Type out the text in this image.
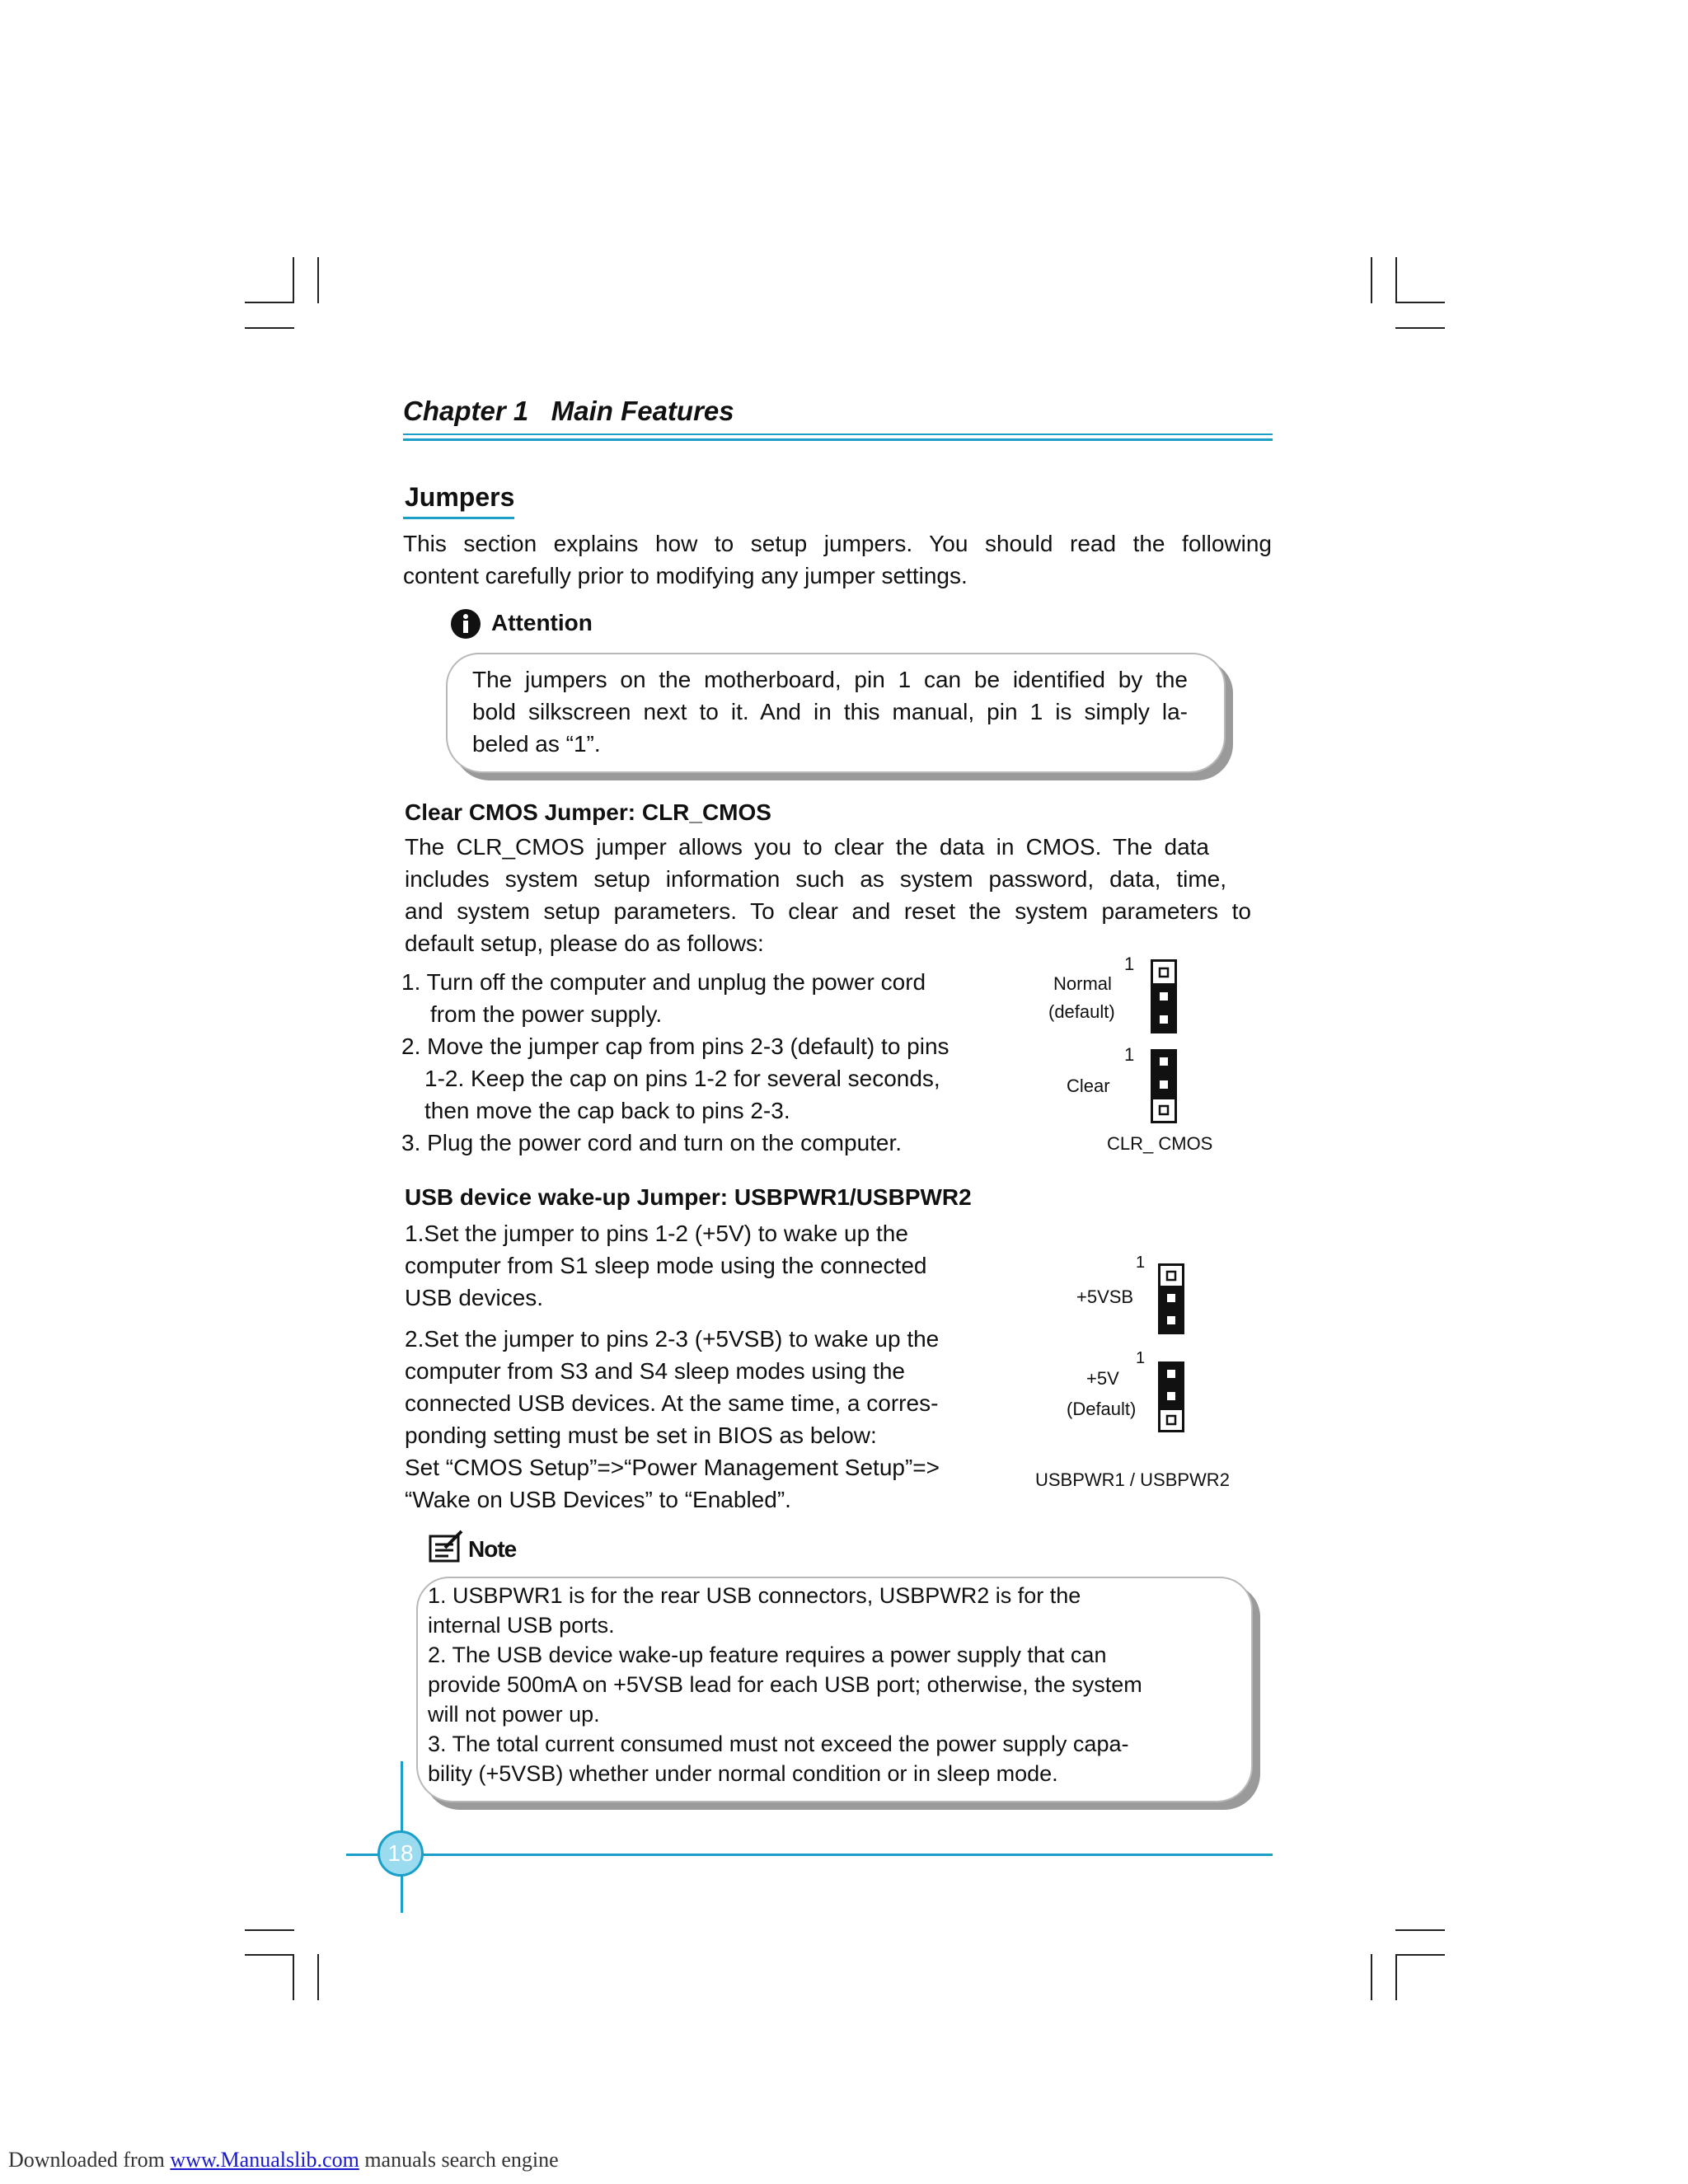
Chapter 1 Main Features
Jumpers
This section explains how to setup jumpers. You should read the following
content carefully prior to modifying any jumper settings.
Attention
The jumpers on the motherboard, pin 1 can be identified by the
bold silkscreen next to it. And in this manual, pin 1 is simply la-
beled as “1”.
Clear CMOS Jumper: CLR_CMOS
The CLR_CMOS jumper allows you to clear the data in CMOS. The data
includes system setup information such as system password, data, time,
and system setup parameters. To clear and reset the system parameters to
default setup, please do as follows:
1. Turn off the computer and unplug the power cord
from the power supply.
2. Move the jumper cap from pins 2-3 (default) to pins
1-2. Keep the cap on pins 1-2 for several seconds,
then move the cap back to pins 2-3.
3. Plug the power cord and turn on the computer.
1
Normal
(default)
1
Clear
CLR_ CMOS
USB device wake-up Jumper: USBPWR1/USBPWR2
1.Set the jumper to pins 1-2 (+5V) to wake up the
computer from S1 sleep mode using the connected
USB devices.
2.Set the jumper to pins 2-3 (+5VSB) to wake up the
computer from S3 and S4 sleep modes using the
connected USB devices. At the same time, a corres-
ponding setting must be set in BIOS as below:
Set “CMOS Setup”=>“Power Management Setup”=>
“Wake on USB Devices” to “Enabled”.
1
+5VSB
1
+5V
(Default)
USBPWR1 / USBPWR2
Note
1. USBPWR1 is for the rear USB connectors, USBPWR2 is for the
internal USB ports.
2. The USB device wake-up feature requires a power supply that can
provide 500mA on +5VSB lead for each USB port; otherwise, the system
will not power up.
3. The total current consumed must not exceed the power supply capa-
bility (+5VSB) whether under normal condition or in sleep mode.
18
Downloaded from www.Manualslib.com manuals search engine
